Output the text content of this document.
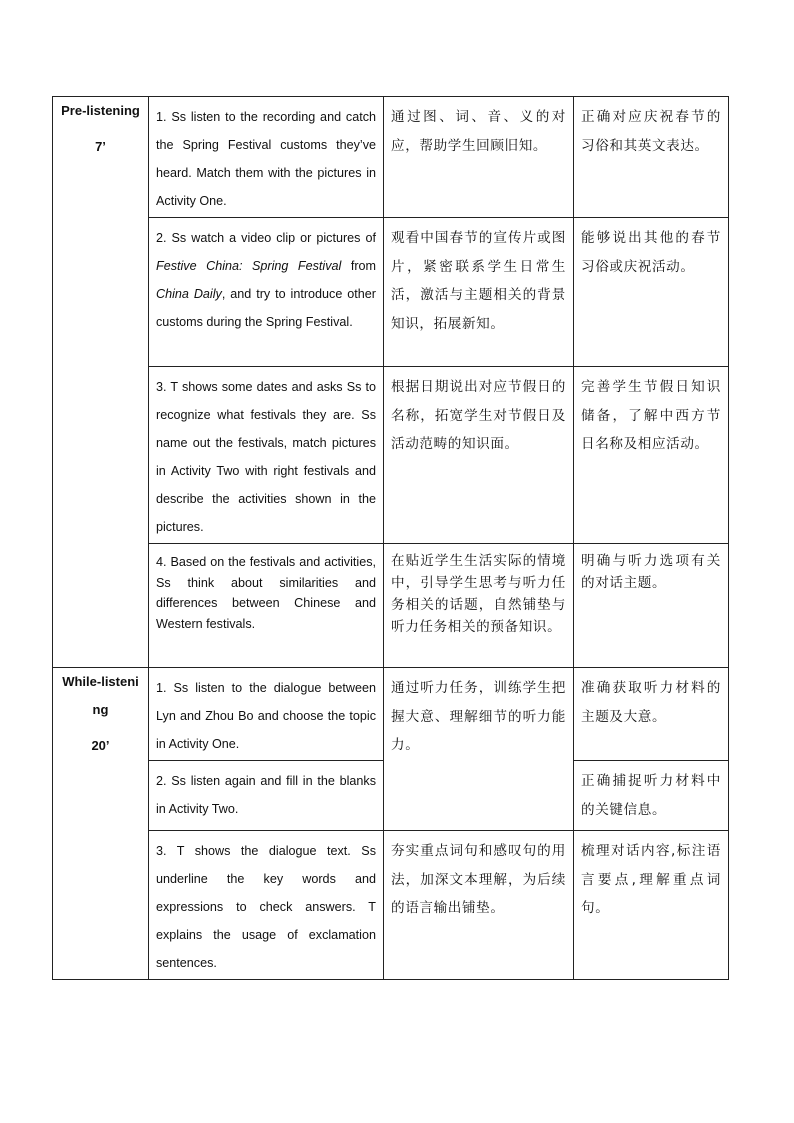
Pre-listening
7’	1. Ss listen to the recording and catch the Spring Festival customs they’ve heard. Match them with the pictures in Activity One.	通过图、词、音、义的对应，帮助学生回顾旧知。	正确对应庆祝春节的习俗和其英文表达。
	2. Ss watch a video clip or pictures of Festive China: Spring Festival from China Daily, and try to introduce other customs during the Spring Festival.	观看中国春节的宣传片或图片，紧密联系学生日常生活，激活与主题相关的背景知识，拓展新知。	能够说出其他的春节习俗或庆祝活动。
	3. T shows some dates and asks Ss to recognize what festivals they are. Ss name out the festivals, match pictures in Activity Two with right festivals and describe the activities shown in the pictures.	根据日期说出对应节假日的名称，拓宽学生对节假日及活动范畴的知识面。	完善学生节假日知识储备，了解中西方节日名称及相应活动。
	4. Based on the festivals and activities, Ss think about similarities and differences between Chinese and Western festivals.	在贴近学生生活实际的情境中，引导学生思考与听力任务相关的话题，自然铺垫与听力任务相关的预备知识。	明确与听力选项有关的对话主题。

While-listening
20’	1. Ss listen to the dialogue between Lyn and Zhou Bo and choose the topic in Activity One.	通过听力任务，训练学生把握大意、理解细节的听力能力。	准确获取听力材料的主题及大意。
	2. Ss listen again and fill in the blanks in Activity Two.		正确捕捉听力材料中的关键信息。
	3. T shows the dialogue text. Ss underline the key words and expressions to check answers. T explains the usage of exclamation sentences.	夯实重点词句和感叹句的用法，加深文本理解，为后续的语言输出铺垫。	梳理对话内容,标注语言要点,理解重点词句。
